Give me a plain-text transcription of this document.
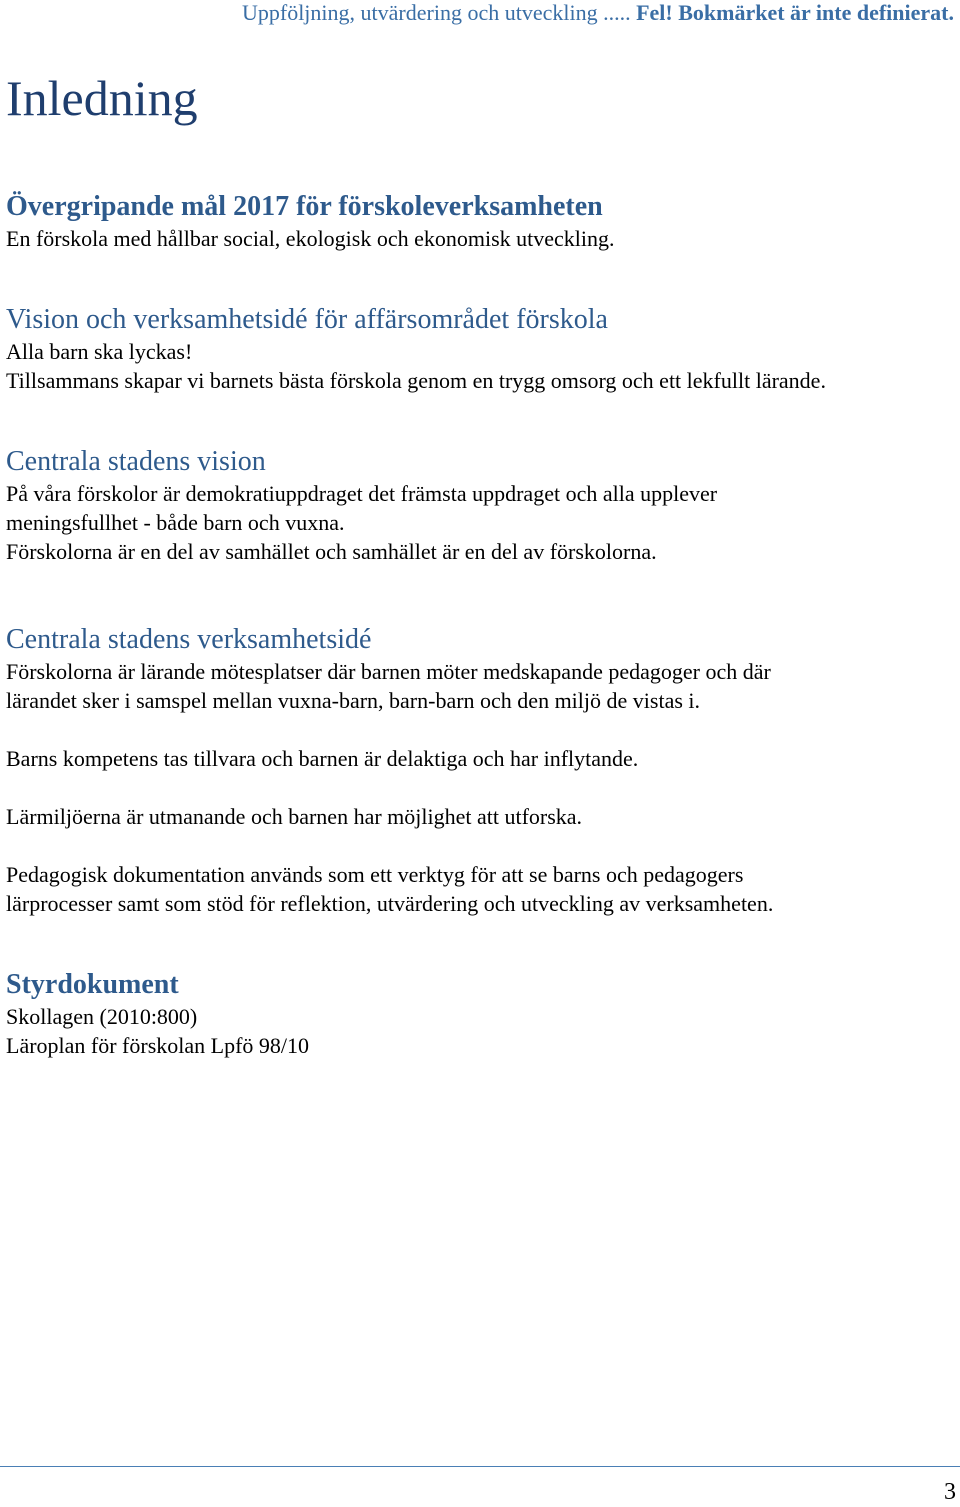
Uppföljning, utvärdering och utveckling ..... Fel! Bokmärket är inte definierat.
Inledning
Övergripande mål 2017 för förskoleverksamheten

En förskola med hållbar social, ekologisk och ekonomisk utveckling.

Vision och verksamhetsidé för affärsområdet förskola

Alla barn ska lyckas!

Tillsammans skapar vi barnets bästa förskola genom en trygg omsorg och ett lekfullt lärande.

Centrala stadens vision

På våra förskolor är demokratiuppdraget det främsta uppdraget och alla upplever

meningsfullhet - både barn och vuxna.

Förskolorna är en del av samhället och samhället är en del av förskolorna.

Centrala stadens verksamhetsidé

Förskolorna är lärande mötesplatser där barnen möter medskapande pedagoger och där

lärandet sker i samspel mellan vuxna-barn, barn-barn och den miljö de vistas i.

Barns kompetens tas tillvara och barnen är delaktiga och har inflytande.

Lärmiljöerna är utmanande och barnen har möjlighet att utforska.

Pedagogisk dokumentation används som ett verktyg för att se barns och pedagogers

lärprocesser samt som stöd för reflektion, utvärdering och utveckling av verksamheten.

Styrdokument

Skollagen (2010:800)

Läroplan för förskolan Lpfö 98/10

3
